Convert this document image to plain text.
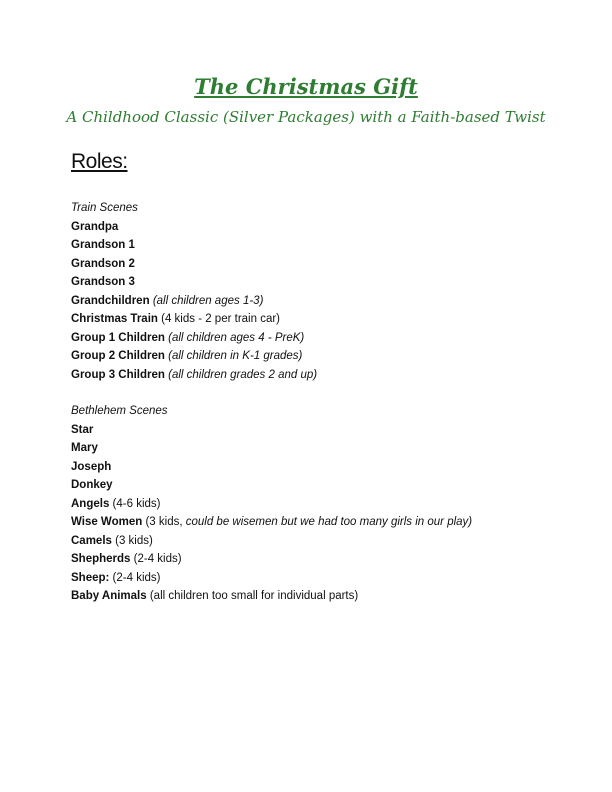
The Christmas Gift
A Childhood Classic (Silver Packages) with a Faith-based Twist
Roles:
Train Scenes
Grandpa
Grandson 1
Grandson 2
Grandson 3
Grandchildren (all children ages 1-3)
Christmas Train (4 kids - 2 per train car)
Group 1 Children (all children ages 4 - PreK)
Group 2 Children (all children in K-1 grades)
Group 3 Children (all children grades 2 and up)
Bethlehem Scenes
Star
Mary
Joseph
Donkey
Angels (4-6 kids)
Wise Women (3 kids, could be wisemen but we had too many girls in our play)
Camels (3 kids)
Shepherds (2-4 kids)
Sheep: (2-4 kids)
Baby Animals (all children too small for individual parts)
